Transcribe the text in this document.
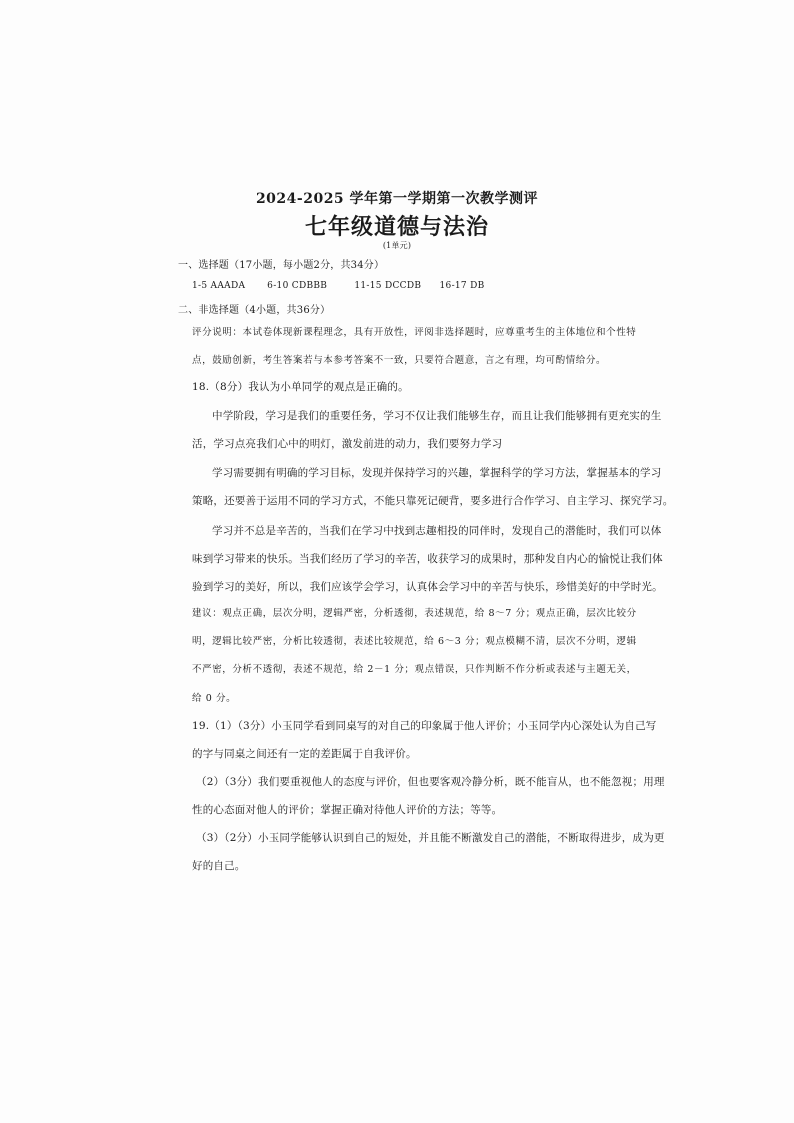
2024-2025 学年第一学期第一次教学测评
七年级道德与法治
(1单元)
一、选择题（17小题，每小题2分，共34分）
1-5 AAADA 6-10 CDBBB	11-15 DCCDB 16-17 DB
二、非选择题（4小题，共36分）
评分说明：本试卷体现新课程理念，具有开放性，评阅非选择题时，应尊重考生的主体地位和个性特
点，鼓励创新，考生答案若与本参考答案不一致，只要符合题意，言之有理，均可酌情给分。
18.（8分）我认为小单同学的观点是正确的。
中学阶段，学习是我们的重要任务，学习不仅让我们能够生存，而且让我们能够拥有更充实的生
活，学习点亮我们心中的明灯，激发前进的动力，我们要努力学习
学习需要拥有明确的学习目标，发现并保持学习的兴趣，掌握科学的学习方法，掌握基本的学习
策略，还要善于运用不同的学习方式，不能只靠死记硬背，要多进行合作学习、自主学习、探究学习。
学习并不总是辛苦的，当我们在学习中找到志趣相投的同伴时，发现自己的潜能时，我们可以体
味到学习带来的快乐。当我们经历了学习的辛苦，收获学习的成果时，那种发自内心的愉悦让我们体
验到学习的美好，所以，我们应该学会学习，认真体会学习中的辛苦与快乐，珍惜美好的中学时光。
建议：观点正确，层次分明，逻辑严密，分析透彻，表述规范，给 8～7 分；观点正确，层次比较分
明，逻辑比较严密，分析比较透彻，表述比较规范，给 6～3 分；观点模糊不清，层次不分明，逻辑
不严密，分析不透彻，表述不规范，给 2－1 分；观点错误，只作判断不作分析或表述与主题无关，
给 0 分。
19.（1）（3分）小玉同学看到同桌写的对自己的印象属于他人评价；小玉同学内心深处认为自己写
的字与同桌之间还有一定的差距属于自我评价。
（2）（3分）我们要重视他人的态度与评价，但也要客观冷静分析，既不能盲从，也不能忽视；用理
性的心态面对他人的评价；掌握正确对待他人评价的方法；等等。
（3）（2分）小玉同学能够认识到自己的短处，并且能不断激发自己的潜能，不断取得进步，成为更
好的自己。
